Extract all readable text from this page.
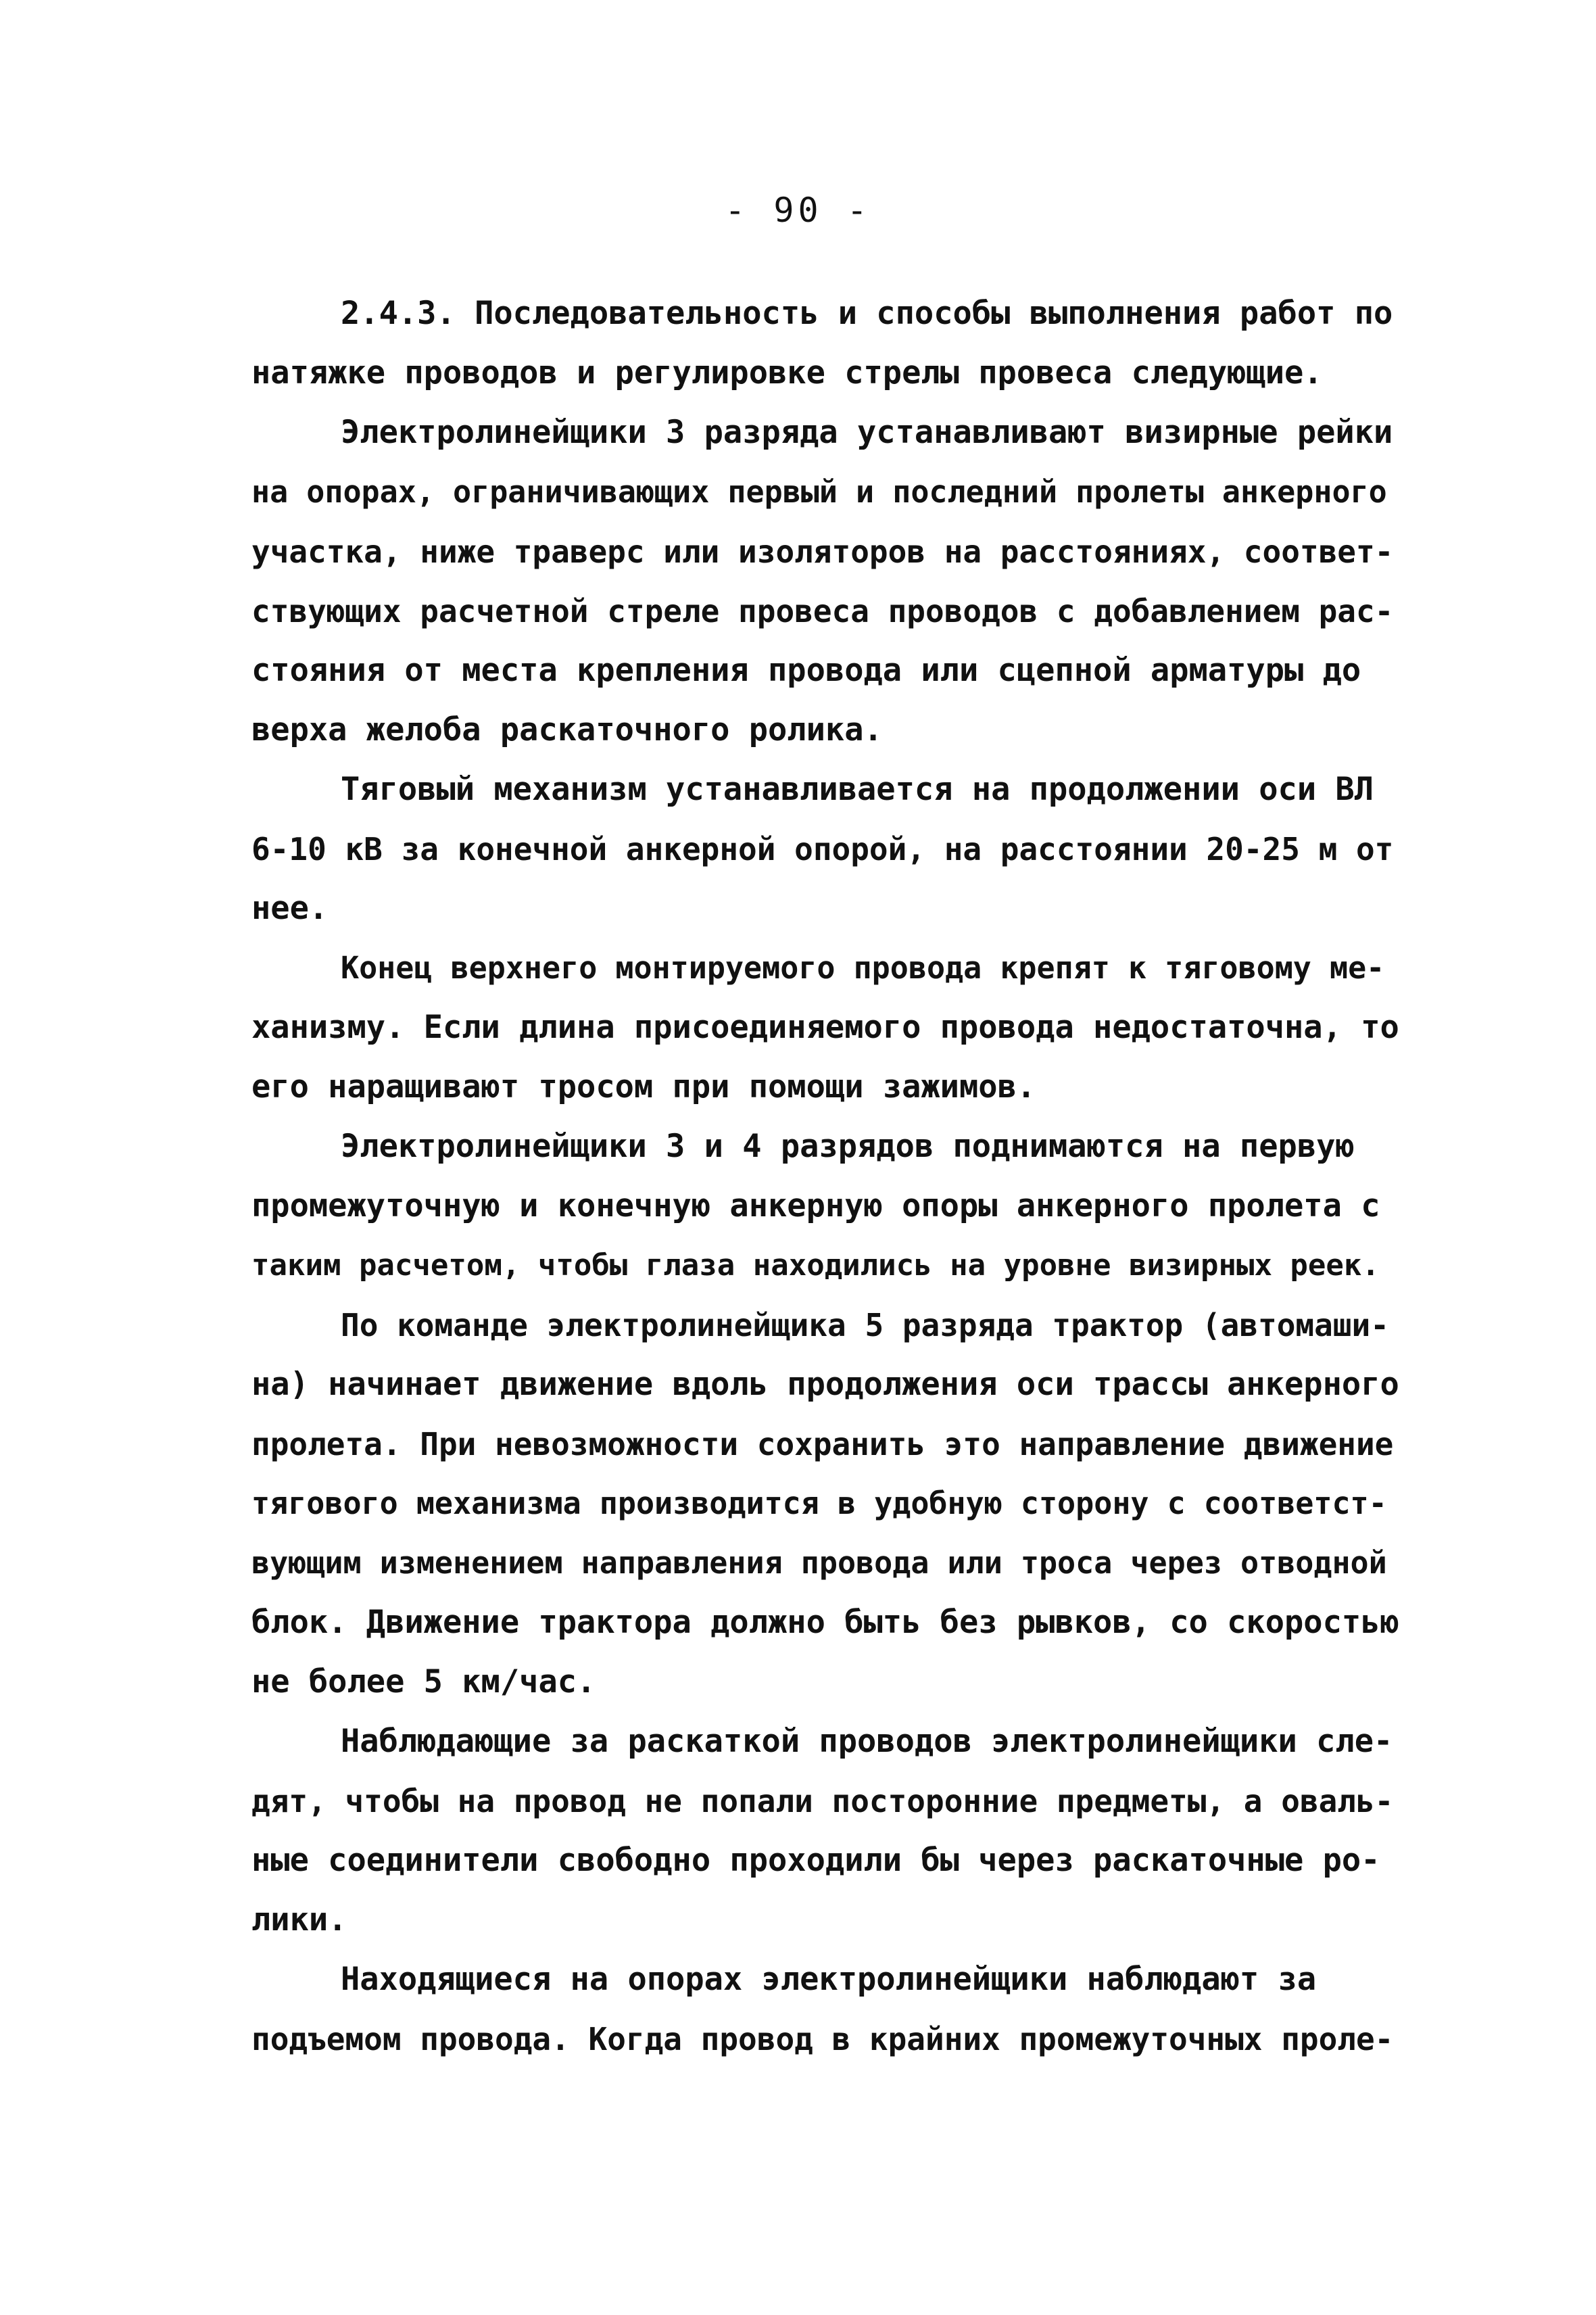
- 90 -
2.4.3. Последовательность и способы выполнения работ по
натяжке проводов и регулировке стрелы провеса следующие.
Электролинейщики 3 разряда устанавливают визирные рейки
на опорах, ограничивающих первый и последний пролеты анкерного
участка, ниже траверс или изоляторов на расстояниях, соответ-
ствующих расчетной стреле провеса проводов с добавлением рас-
стояния от места крепления провода или сцепной арматуры до
верха желоба раскаточного ролика.
Тяговый механизм устанавливается на продолжении оси ВЛ
6-10 кВ за конечной анкерной опорой, на расстоянии 20-25 м от
нее.
Конец верхнего монтируемого провода крепят к тяговому ме-
ханизму. Если длина присоединяемого провода недостаточна, то
его наращивают тросом при помощи зажимов.
Электролинейщики 3 и 4 разрядов поднимаются на первую
промежуточную и конечную анкерную опоры анкерного пролета с
таким расчетом, чтобы глаза находились на уровне визирных реек.
По команде электролинейщика 5 разряда трактор (автомаши-
на) начинает движение вдоль продолжения оси трассы анкерного
пролета. При невозможности сохранить это направление движение
тягового механизма производится в удобную сторону с соответст-
вующим изменением направления провода или троса через отводной
блок. Движение трактора должно быть без рывков, со скоростью
не более 5 км/час.
Наблюдающие за раскаткой проводов электролинейщики сле-
дят, чтобы на провод не попали посторонние предметы, а оваль-
ные соединители свободно проходили бы через раскаточные ро-
лики.
Находящиеся на опорах электролинейщики наблюдают за
подъемом провода. Когда провод в крайних промежуточных проле-
